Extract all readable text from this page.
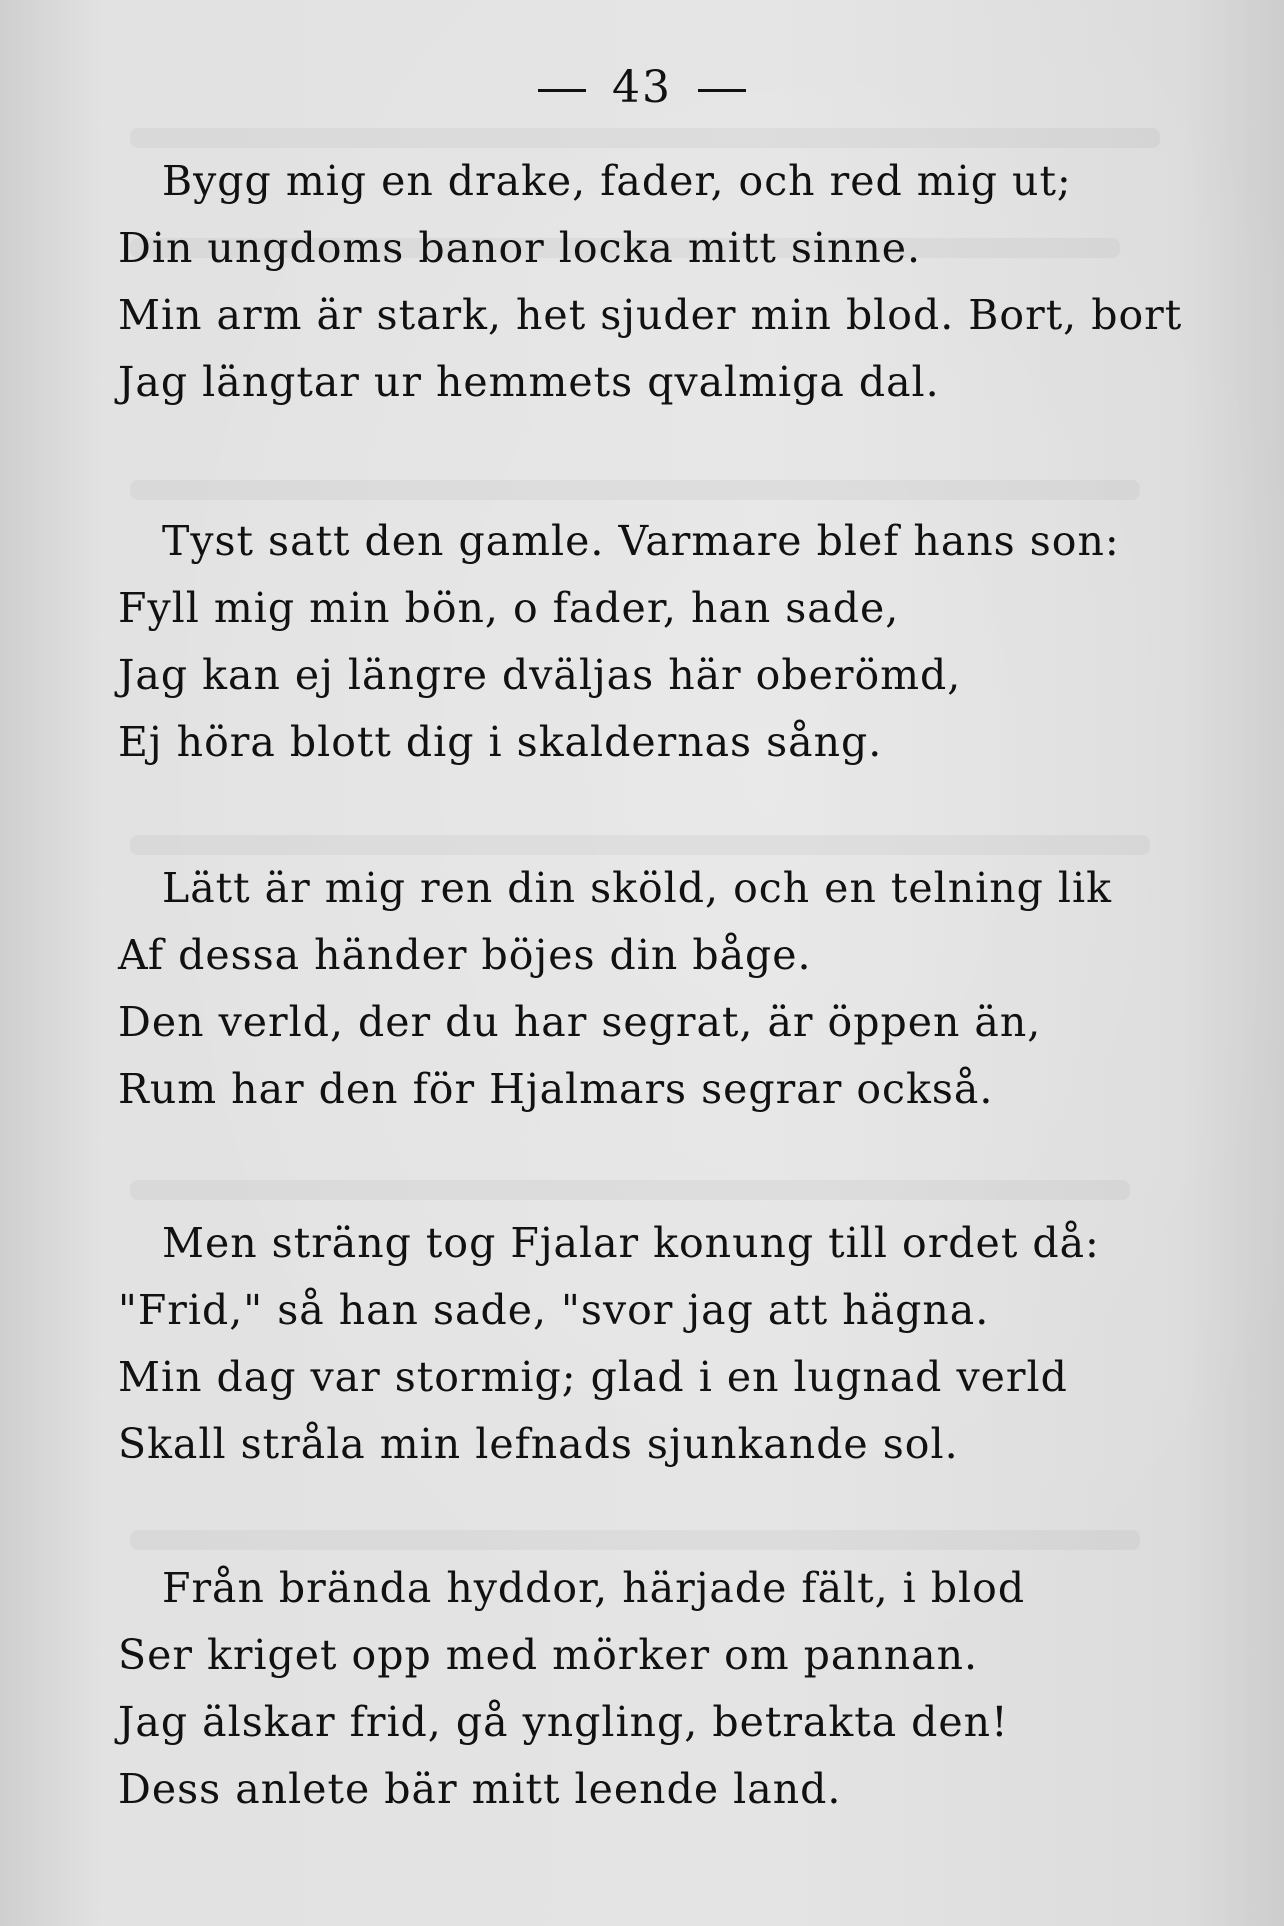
43
Bygg mig en drake, fader, och red mig ut;
Din ungdoms banor locka mitt sinne.
Min arm är stark, het sjuder min blod. Bort, bort
Jag längtar ur hemmets qvalmiga dal.
Tyst satt den gamle. Varmare blef hans son:
Fyll mig min bön, o fader, han sade,
Jag kan ej längre dväljas här oberömd,
Ej höra blott dig i skaldernas sång.
Lätt är mig ren din sköld, och en telning lik
Af dessa händer böjes din båge.
Den verld, der du har segrat, är öppen än,
Rum har den för Hjalmars segrar också.
Men sträng tog Fjalar konung till ordet då:
"Frid," så han sade, "svor jag att hägna.
Min dag var stormig; glad i en lugnad verld
Skall stråla min lefnads sjunkande sol.
Från brända hyddor, härjade fält, i blod
Ser kriget opp med mörker om pannan.
Jag älskar frid, gå yngling, betrakta den!
Dess anlete bär mitt leende land.
